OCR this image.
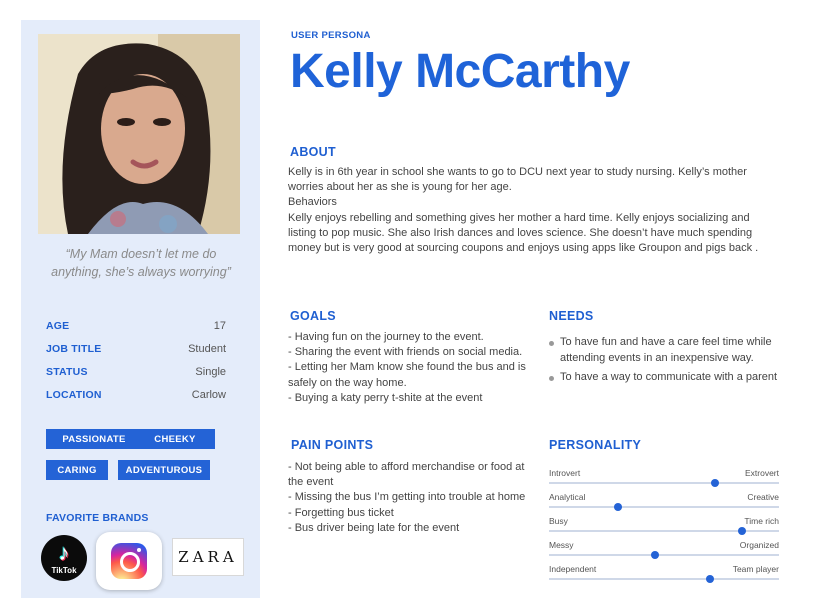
“My Mam doesn’t let me do anything, she’s always worrying”
AGE	17
JOB TITLE	Student
STATUS	Single
LOCATION	Carlow
PASSIONATE	CHEEKY
CARING	ADVENTUROUS
FAVORITE BRANDS
♪
TikTok
ZARA
USER PERSONA
Kelly McCarthy
ABOUT

Kelly is in 6th year in school she wants to go to DCU next year to study nursing. Kelly’s mother worries about her as she is young for her age.

Behaviors

Kelly enjoys rebelling and something gives her mother a hard time. Kelly enjoys socializing and listing to pop music. She also Irish dances and loves science. She doesn’t have much spending money but is very good at sourcing coupons and enjoys using apps like Groupon and pigs back .

GOALS

- Having fun on the journey to the event.

- Sharing the event with friends on social media.

- Letting her Mam know she found the bus and is safely on the way home.

- Buying a katy perry t-shite at the event

NEEDS
To have fun and have a care feel time while attending events in an inexpensive way.
To have a way to communicate with a parent
PAIN POINTS

- Not being able to afford merchandise or food at the event

- Missing the bus I’m getting into trouble at home

- Forgetting bus ticket

- Bus driver being late for the event

PERSONALITY
Introvert	Extrovert
Analytical	Creative
Busy	Time rich
Messy	Organized
Independent	Team player
